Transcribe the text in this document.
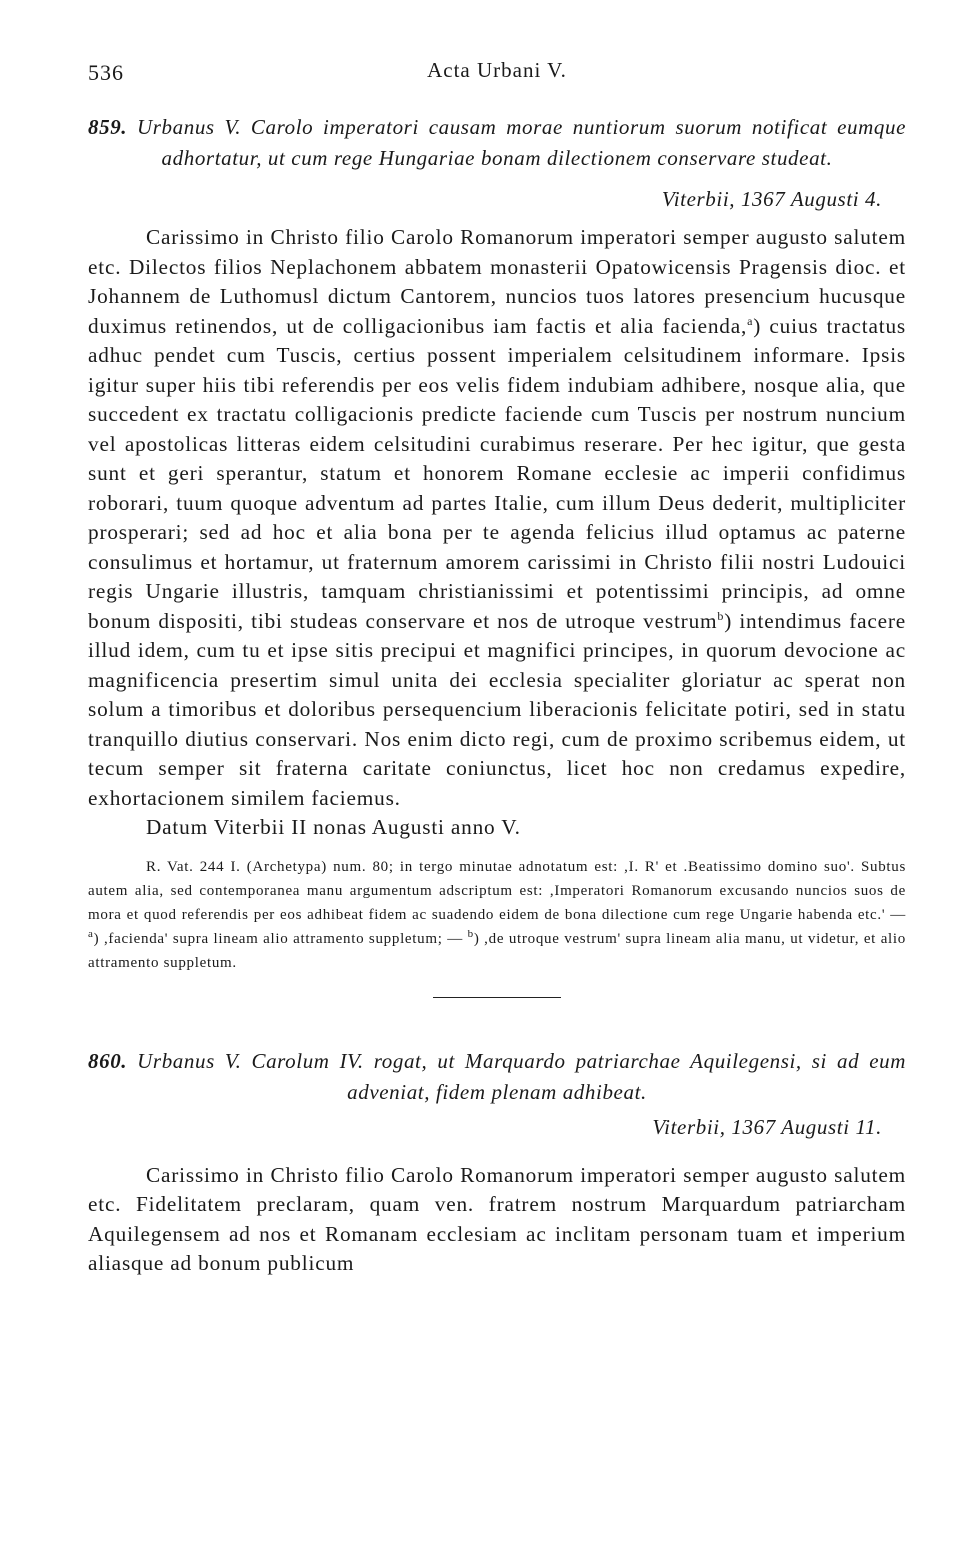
536	Acta Urbani V.

859. Urbanus V. Carolo imperatori causam morae nuntiorum suorum notificat eumque adhortatur, ut cum rege Hungariae bonam dilectionem conservare studeat.

Viterbii, 1367 Augusti 4.

Carissimo in Christo filio Carolo Romanorum imperatori semper augusto salutem etc. Dilectos filios Neplachonem abbatem monasterii Opatowicensis Pragensis dioc. et Johannem de Luthomusl dictum Cantorem, nuncios tuos latores presencium hucusque duximus retinendos, ut de colligacionibus iam factis et alia facienda,$^a$) cuius tractatus adhuc pendet cum Tuscis, certius possent imperialem celsitudinem informare. Ipsis igitur super hiis tibi referendis per eos velis fidem indubiam adhibere, nosque alia, que succedent ex tractatu colligacionis predicte faciende cum Tuscis per nostrum nuncium vel apostolicas litteras eidem celsitudini curabimus reserare. Per hec igitur, que gesta sunt et geri sperantur, statum et honorem Romane ecclesie ac imperii confidimus roborari, tuum quoque adventum ad partes Italie, cum illum Deus dederit, multipliciter prosperari; sed ad hoc et alia bona per te agenda felicius illud optamus ac paterne consulimus et hortamur, ut fraternum amorem carissimi in Christo filii nostri Ludouici regis Ungarie illustris, tamquam christianissimi et potentissimi principis, ad omne bonum dispositi, tibi studeas conservare et nos de utroque vestrum$^b$) intendimus facere illud idem, cum tu et ipse sitis precipui et magnifici principes, in quorum devocione ac magnificencia presertim simul unita dei ecclesia specialiter gloriatur ac sperat non solum a timoribus et doloribus persequencium liberacionis felicitate potiri, sed in statu tranquillo diutius conservari. Nos enim dicto regi, cum de proximo scribemus eidem, ut tecum semper sit fraterna caritate coniunctus, licet hoc non credamus expedire, exhortacionem similem faciemus.

Datum Viterbii II nonas Augusti anno V.

R. Vat. 244 I. (Archetypa) num. 80; in tergo minutae adnotatum est: ,I. R' et .Beatissimo domino suo'. Subtus autem alia, sed contemporanea manu argumentum adscriptum est: ,Imperatori Romanorum excusando nuncios suos de mora et quod referendis per eos adhibeat fidem ac suadendo eidem de bona dilectione cum rege Ungarie habenda etc.' — $^a$) ,facienda' supra lineam alio attramento suppletum; — $^b$) ,de utroque vestrum' supra lineam alia manu, ut videtur, et alio attramento suppletum.

860. Urbanus V. Carolum IV. rogat, ut Marquardo patriarchae Aquilegensi, si ad eum adveniat, fidem plenam adhibeat.

Viterbii, 1367 Augusti 11.

Carissimo in Christo filio Carolo Romanorum imperatori semper augusto salutem etc. Fidelitatem preclaram, quam ven. fratrem nostrum Marquardum patriarcham Aquilegensem ad nos et Romanam ecclesiam ac inclitam personam tuam et imperium aliasque ad bonum publicum
